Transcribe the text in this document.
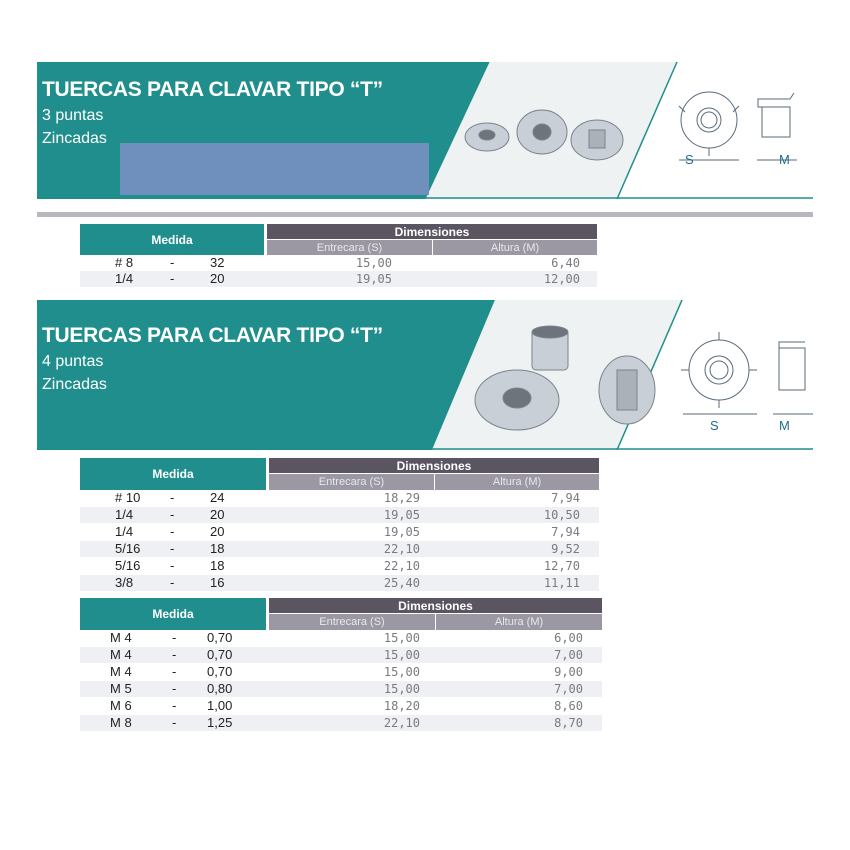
TUERCAS PARA CLAVAR TIPO “T”
3 puntas
Zincadas
S	M
Medida
Dimensiones
Entrecara (S)	Altura (M)
# 8	-	32	15,00	6,40
1/4	-	20	19,05	12,00
TUERCAS PARA CLAVAR TIPO “T”
4 puntas
Zincadas
S	M
Medida
Dimensiones
Entrecara (S)	Altura (M)
# 10 -	24	18,29	7,94
1/4	-	20	19,05	10,50
1/4	-	20	19,05	7,94
5/16 -	18	22,10	9,52
5/16 -	18	22,10	12,70
3/8	-	16	25,40	11,11
Medida
Dimensiones
Entrecara (S)	Altura (M)
M 4	- 0,70	15,00	6,00
M 4	- 0,70	15,00	7,00
M 4	- 0,70	15,00	9,00
M 5	- 0,80	15,00	7,00
M 6	- 1,00	18,20	8,60
M 8	- 1,25	22,10	8,70
